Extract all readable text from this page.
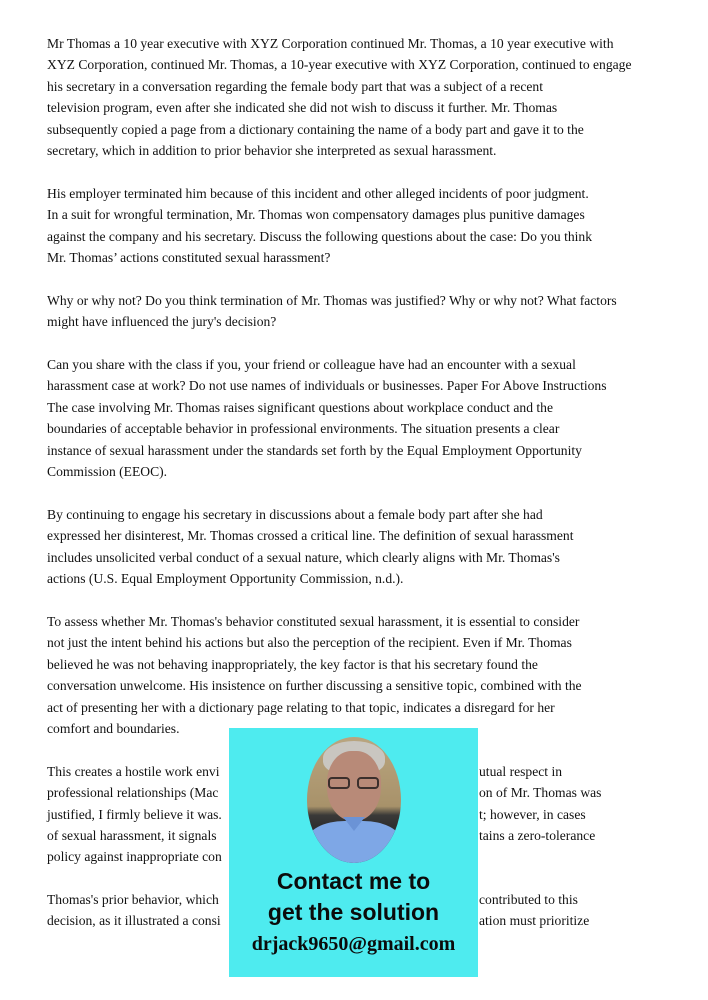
Mr Thomas a 10 year executive with XYZ Corporation continued Mr. Thomas, a 10 year executive with
XYZ Corporation, continued Mr. Thomas, a 10-year executive with XYZ Corporation, continued to engage
his secretary in a conversation regarding the female body part that was a subject of a recent
television program, even after she indicated she did not wish to discuss it further. Mr. Thomas
subsequently copied a page from a dictionary containing the name of a body part and gave it to the
secretary, which in addition to prior behavior she interpreted as sexual harassment.

His employer terminated him because of this incident and other alleged incidents of poor judgment.
In a suit for wrongful termination, Mr. Thomas won compensatory damages plus punitive damages
against the company and his secretary. Discuss the following questions about the case: Do you think
Mr. Thomas’ actions constituted sexual harassment?

Why or why not? Do you think termination of Mr. Thomas was justified? Why or why not? What factors
might have influenced the jury's decision?

Can you share with the class if you, your friend or colleague have had an encounter with a sexual
harassment case at work? Do not use names of individuals or businesses. Paper For Above Instructions
The case involving Mr. Thomas raises significant questions about workplace conduct and the
boundaries of acceptable behavior in professional environments. The situation presents a clear
instance of sexual harassment under the standards set forth by the Equal Employment Opportunity
Commission (EEOC).

By continuing to engage his secretary in discussions about a female body part after she had
expressed her disinterest, Mr. Thomas crossed a critical line. The definition of sexual harassment
includes unsolicited verbal conduct of a sexual nature, which clearly aligns with Mr. Thomas's
actions (U.S. Equal Employment Opportunity Commission, n.d.).

To assess whether Mr. Thomas's behavior constituted sexual harassment, it is essential to consider
not just the intent behind his actions but also the perception of the recipient. Even if Mr. Thomas
believed he was not behaving inappropriately, the key factor is that his secretary found the
conversation unwelcome. His insistence on further discussing a sensitive topic, combined with the
act of presenting her with a dictionary page relating to that topic, indicates a disregard for her
comfort and boundaries.

This creates a hostile work envi	utual respect in
professional relationships (Mac	on of Mr. Thomas was
justified, I firmly believe it was.	t; however, in cases
of sexual harassment, it signals	tains a zero-tolerance
policy against inappropriate con
Thomas's prior behavior, which	contributed to this
decision, as it illustrated a consi	ation must prioritize
Contact me to
get the solution
drjack9650@gmail.com
